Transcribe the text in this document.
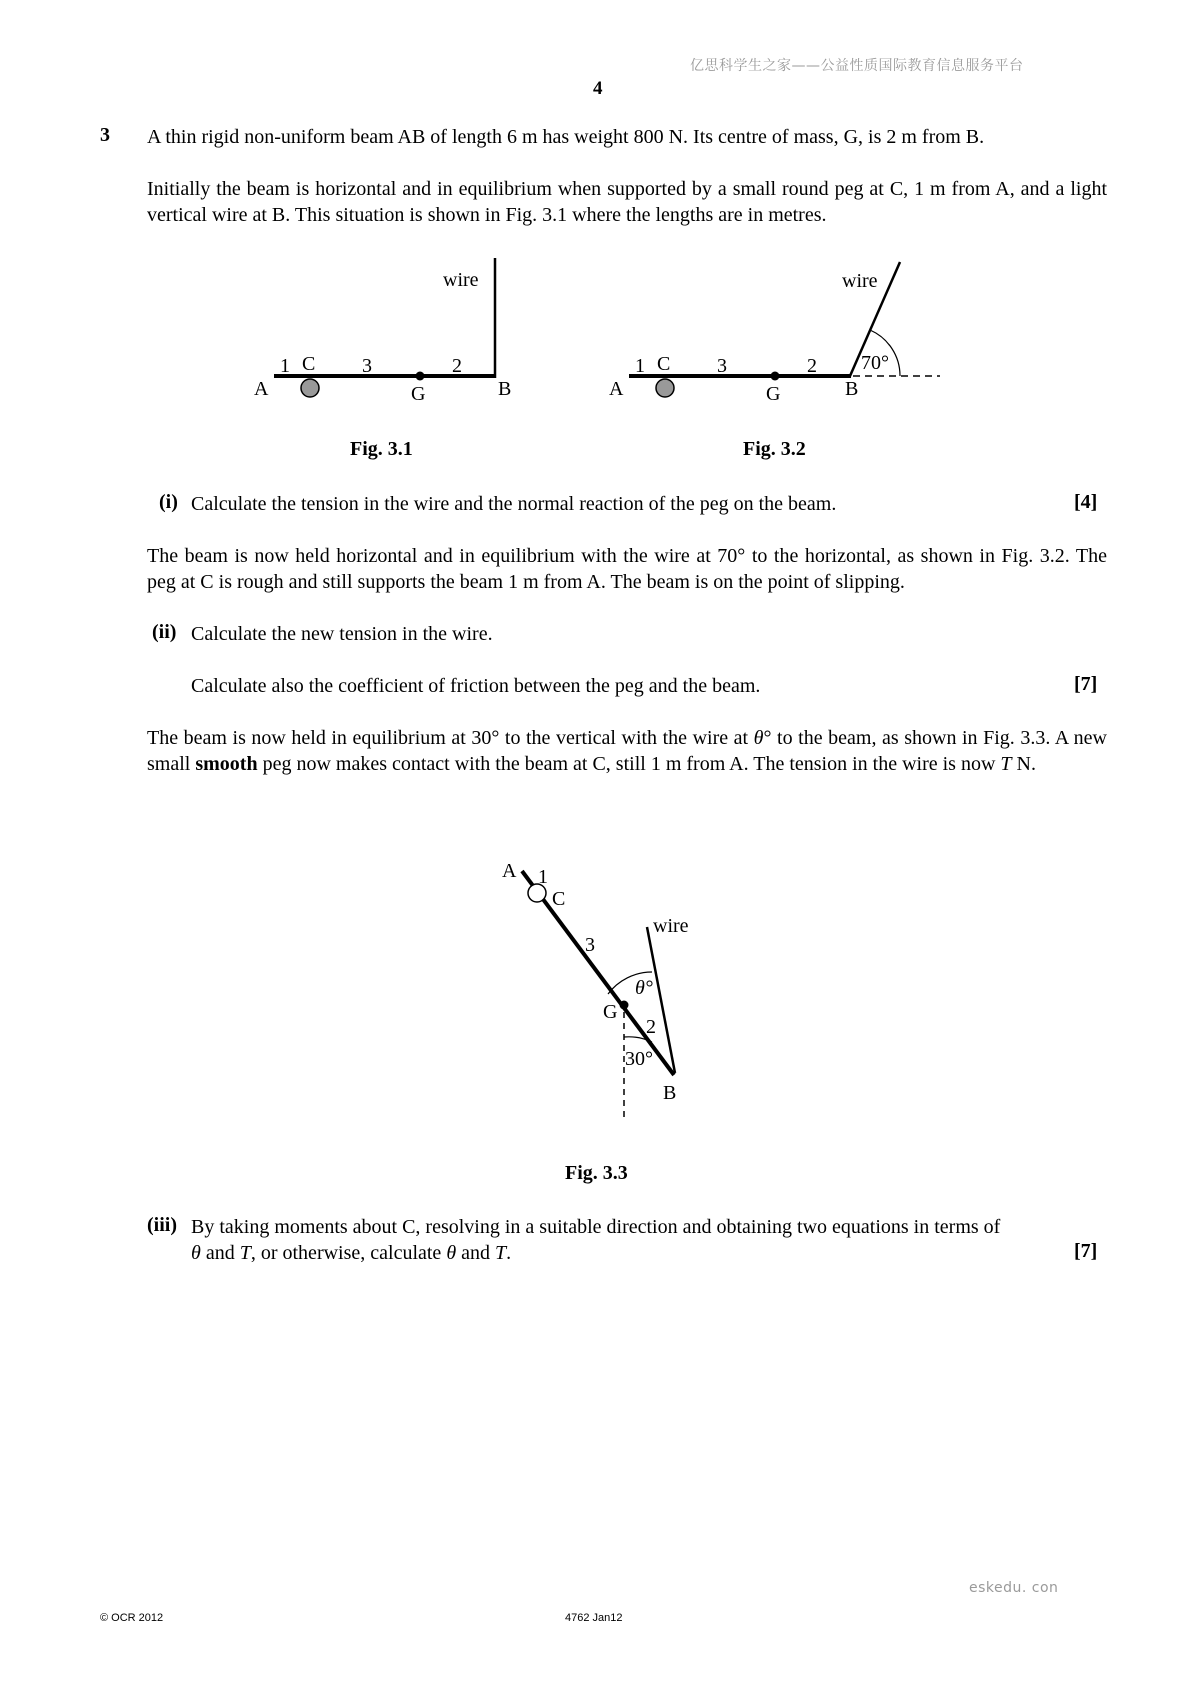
亿思科学生之家——公益性质国际教育信息服务平台
4
3 A thin rigid non-uniform beam AB of length 6 m has weight 800 N. Its centre of mass, G, is 2 m from B.
Initially the beam is horizontal and in equilibrium when supported by a small round peg at C, 1 m from A, and a light vertical wire at B. This situation is shown in Fig. 3.1 where the lengths are in metres.
wire
A
1 C 3	2
G	B
Fig. 3.1
wire
A
1 C 3	2
G	B
70°
Fig. 3.2
(i) Calculate the tension in the wire and the normal reaction of the peg on the beam.	[4]
The beam is now held horizontal and in equilibrium with the wire at 70° to the horizontal, as shown in Fig. 3.2. The peg at C is rough and still supports the beam 1 m from A. The beam is on the point of slipping.
(ii) Calculate the new tension in the wire.
Calculate also the coefficient of friction between the peg and the beam.	[7]
The beam is now held in equilibrium at 30° to the vertical with the wire at θ° to the beam, as shown in Fig. 3.3. A new small smooth peg now makes contact with the beam at C, still 1 m from A. The tension in the wire is now T N.
A 1
C
3
wire
θ°
G
2
30°
B
Fig. 3.3
(iii) By taking moments about C, resolving in a suitable direction and obtaining two equations in terms of
θ and T, or otherwise, calculate θ and T.	[7]
eskedu. con
© OCR 2012	4762 Jan12
